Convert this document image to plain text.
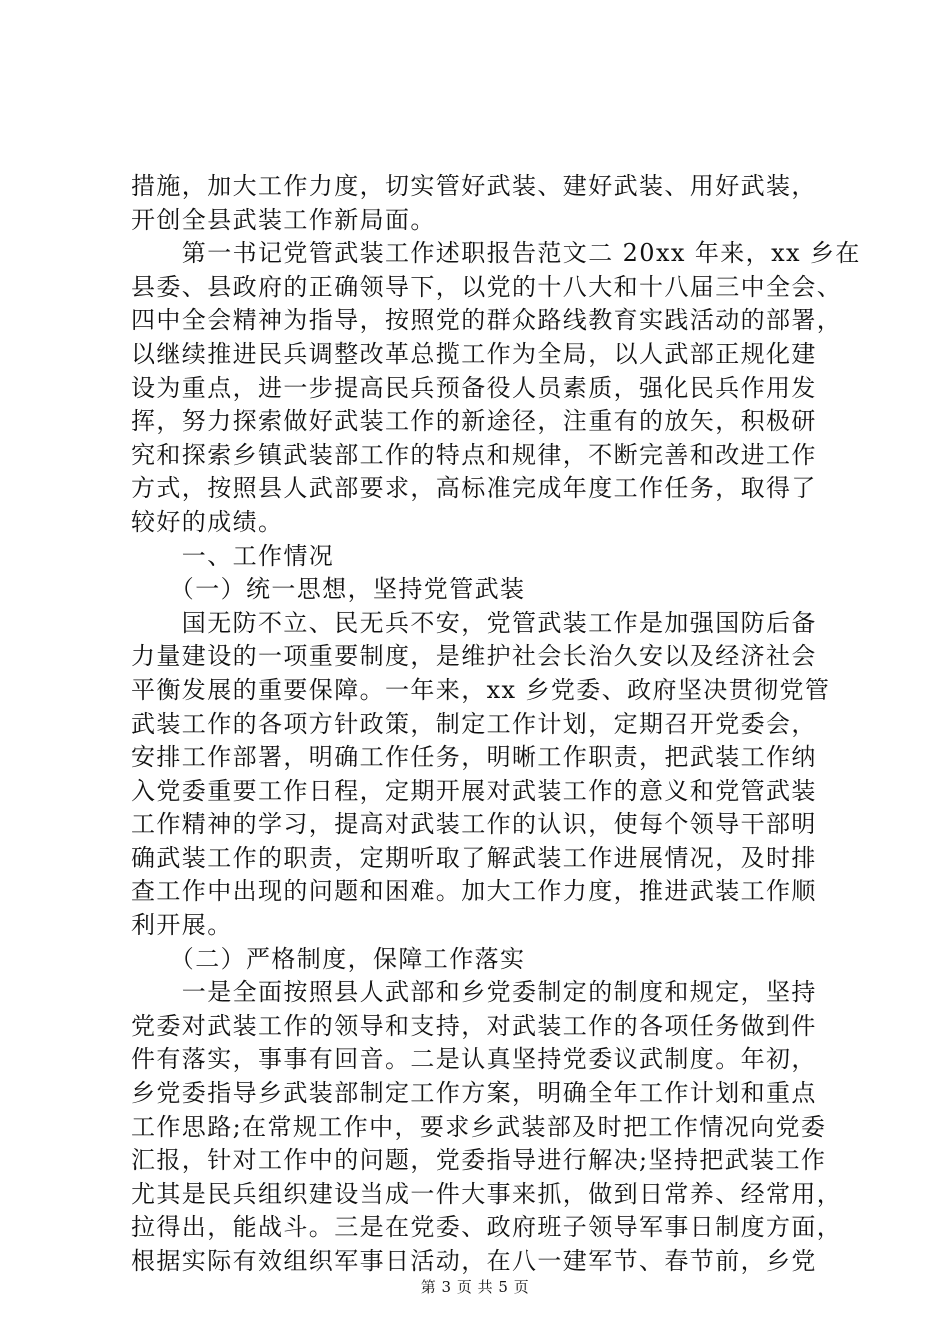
措施，加大工作力度，切实管好武装、建好武装、用好武装，
开创全县武装工作新局面。
　　第一书记党管武装工作述职报告范文二 20xx 年来，xx 乡在
县委、县政府的正确领导下，以党的十八大和十八届三中全会、
四中全会精神为指导，按照党的群众路线教育实践活动的部署，
以继续推进民兵调整改革总揽工作为全局，以人武部正规化建
设为重点，进一步提高民兵预备役人员素质，强化民兵作用发
挥，努力探索做好武装工作的新途径，注重有的放矢，积极研
究和探索乡镇武装部工作的特点和规律，不断完善和改进工作
方式，按照县人武部要求，高标准完成年度工作任务，取得了
较好的成绩。
　　一、工作情况
　　（一）统一思想，坚持党管武装
　　国无防不立、民无兵不安，党管武装工作是加强国防后备
力量建设的一项重要制度，是维护社会长治久安以及经济社会
平衡发展的重要保障。一年来，xx 乡党委、政府坚决贯彻党管
武装工作的各项方针政策，制定工作计划，定期召开党委会，
安排工作部署，明确工作任务，明晰工作职责，把武装工作纳
入党委重要工作日程，定期开展对武装工作的意义和党管武装
工作精神的学习，提高对武装工作的认识，使每个领导干部明
确武装工作的职责，定期听取了解武装工作进展情况，及时排
查工作中出现的问题和困难。加大工作力度，推进武装工作顺
利开展。
　　（二）严格制度，保障工作落实
　　一是全面按照县人武部和乡党委制定的制度和规定，坚持
党委对武装工作的领导和支持，对武装工作的各项任务做到件
件有落实，事事有回音。二是认真坚持党委议武制度。年初，
乡党委指导乡武装部制定工作方案，明确全年工作计划和重点
工作思路;在常规工作中，要求乡武装部及时把工作情况向党委
汇报，针对工作中的问题，党委指导进行解决;坚持把武装工作
尤其是民兵组织建设当成一件大事来抓，做到日常养、经常用，
拉得出，能战斗。三是在党委、政府班子领导军事日制度方面，
根据实际有效组织军事日活动，在八一建军节、春节前，乡党
第 3 页 共 5 页
